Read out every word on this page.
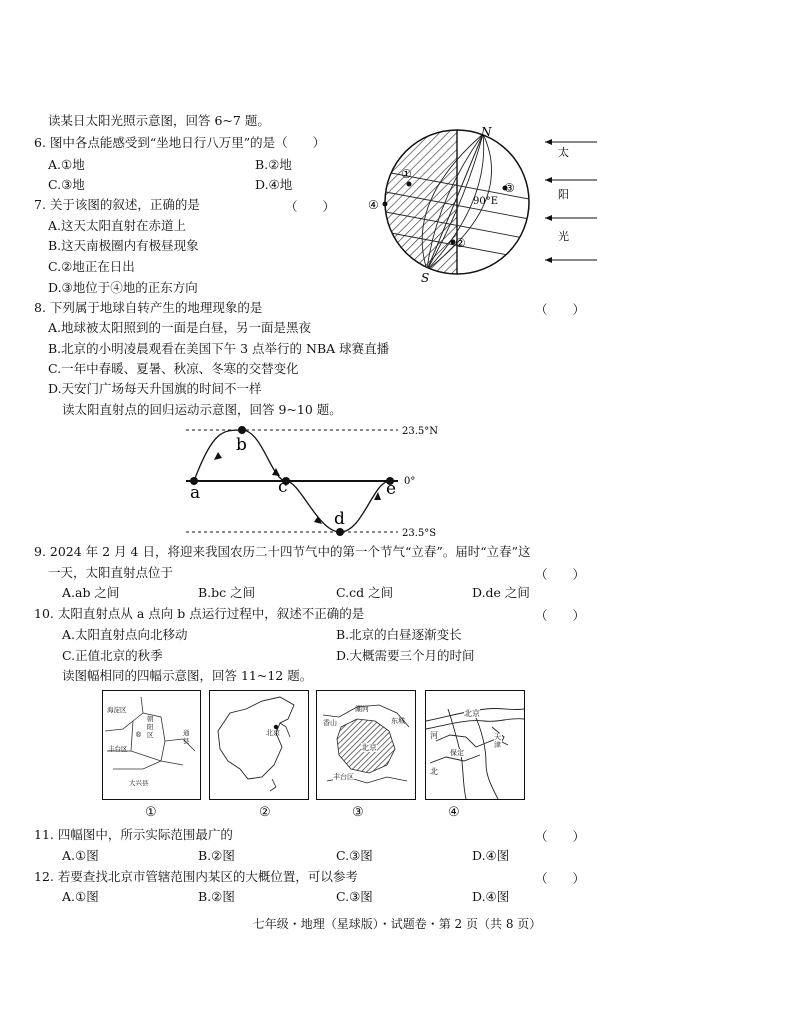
读某日太阳光照示意图，回答 6~7 题。
6. 图中各点能感受到“坐地日行八万里”的是（　　）
A.①地	B.②地
C.③地	D.④地
7. 关于该图的叙述，正确的是	（　　）
A.这天太阳直射在赤道上
B.这天南极圈内有极昼现象
C.②地正在日出
D.③地位于④地的正东方向
N
S
90°E
①
②
③
④
太
阳
光
8. 下列属于地球自转产生的地理现象的是	（　　）
A.地球被太阳照到的一面是白昼，另一面是黑夜
B.北京的小明凌晨观看在美国下午 3 点举行的 NBA 球赛直播
C.一年中春暖、夏暑、秋凉、冬寒的交替变化
D.天安门广场每天升国旗的时间不一样
读太阳直射点的回归运动示意图，回答 9~10 题。
a
b
c
d
e
23.5°N
0°
23.5°S
9. 2024 年 2 月 4 日，将迎来我国农历二十四节气中的第一个节气“立春”。届时“立春”这
一天，太阳直射点位于	（　　）
A.ab 之间	B.bc 之间	C.cd 之间	D.de 之间
10. 太阳直射点从 a 点向 b 点运行过程中，叙述不正确的是	（　　）
A.太阳直射点向北移动	B.北京的白昼逐渐变长
C.正值北京的秋季	D.大概需要三个月的时间
读图幅相同的四幅示意图，回答 11~12 题。
海淀区
朝阳区
®
丰台区
通县
大兴县
北京
香山
潮河
东城
北京
丰台区
北京
河	天津
保定
北
①	②	③	④
11. 四幅图中，所示实际范围最广的	（　　）
A.①图	B.②图	C.③图	D.④图
12. 若要查找北京市管辖范围内某区的大概位置，可以参考	（　　）
A.①图	B.②图	C.③图	D.④图
七年级・地理（星球版）・试题卷・第 2 页（共 8 页）
